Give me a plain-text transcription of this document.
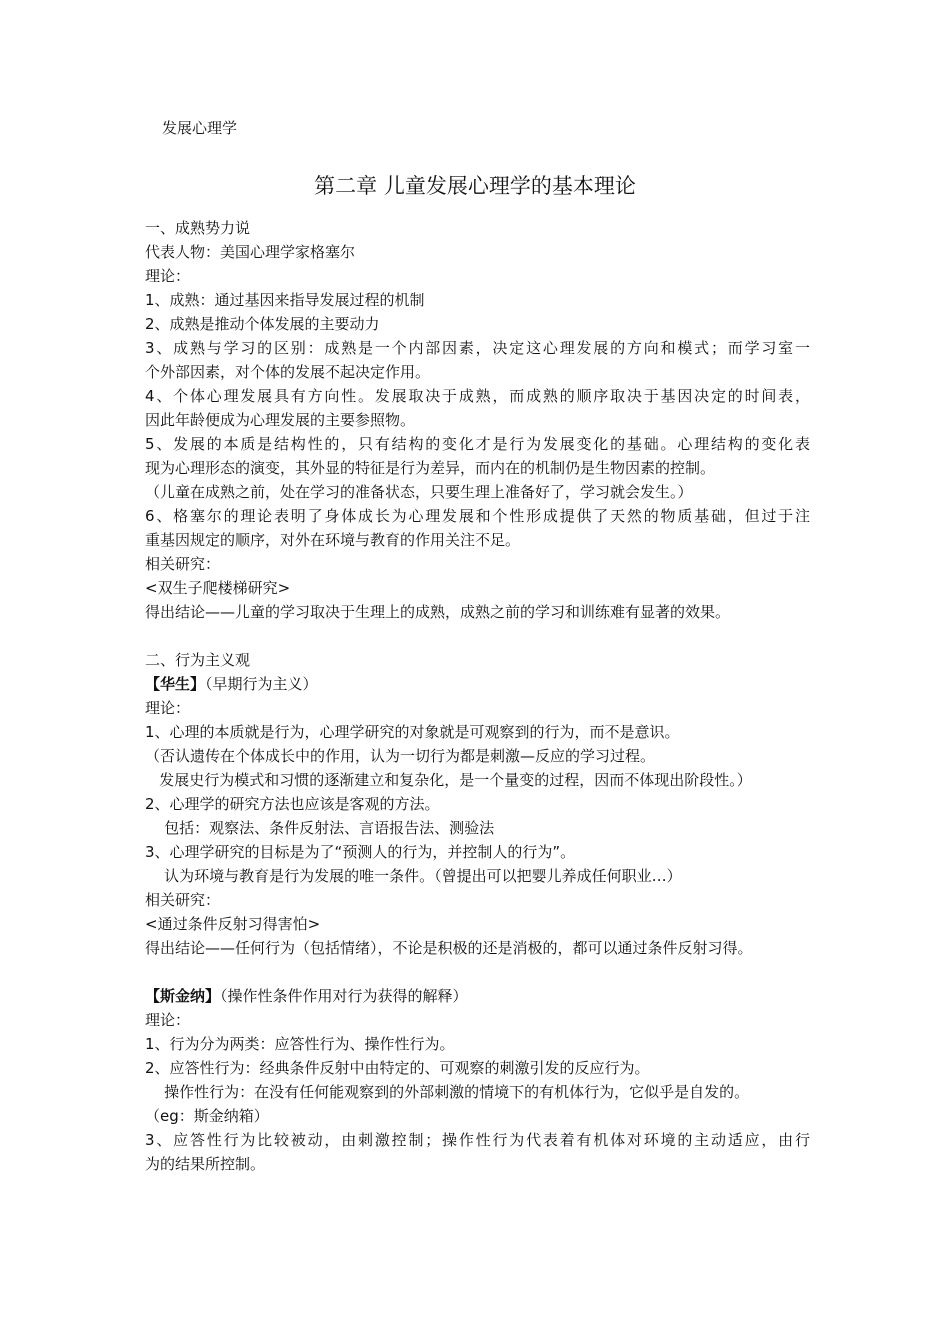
发展心理学
第二章 儿童发展心理学的基本理论
一、成熟势力说
代表人物：美国心理学家格塞尔
理论：
1、成熟：通过基因来指导发展过程的机制
2、成熟是推动个体发展的主要动力
3、成熟与学习的区别：成熟是一个内部因素，决定这心理发展的方向和模式；而学习室一
个外部因素，对个体的发展不起决定作用。
4、个体心理发展具有方向性。发展取决于成熟，而成熟的顺序取决于基因决定的时间表，
因此年龄便成为心理发展的主要参照物。
5、发展的本质是结构性的，只有结构的变化才是行为发展变化的基础。心理结构的变化表
现为心理形态的演变，其外显的特征是行为差异，而内在的机制仍是生物因素的控制。
（儿童在成熟之前，处在学习的准备状态，只要生理上准备好了，学习就会发生。）
6、格塞尔的理论表明了身体成长为心理发展和个性形成提供了天然的物质基础，但过于注
重基因规定的顺序，对外在环境与教育的作用关注不足。
相关研究：
<双生子爬楼梯研究>
得出结论——儿童的学习取决于生理上的成熟，成熟之前的学习和训练难有显著的效果。
二、行为主义观
【华生】（早期行为主义）
理论：
1、心理的本质就是行为，心理学研究的对象就是可观察到的行为，而不是意识。
（否认遗传在个体成长中的作用，认为一切行为都是刺激—反应的学习过程。
发展史行为模式和习惯的逐渐建立和复杂化，是一个量变的过程，因而不体现出阶段性。）
2、心理学的研究方法也应该是客观的方法。
包括：观察法、条件反射法、言语报告法、测验法
3、心理学研究的目标是为了“预测人的行为，并控制人的行为”。
认为环境与教育是行为发展的唯一条件。（曾提出可以把婴儿养成任何职业…）
相关研究：
<通过条件反射习得害怕>
得出结论——任何行为（包括情绪），不论是积极的还是消极的，都可以通过条件反射习得。
【斯金纳】（操作性条件作用对行为获得的解释）
理论：
1、行为分为两类：应答性行为、操作性行为。
2、应答性行为：经典条件反射中由特定的、可观察的刺激引发的反应行为。
操作性行为：在没有任何能观察到的外部刺激的情境下的有机体行为，它似乎是自发的。
（eg：斯金纳箱）
3、应答性行为比较被动，由刺激控制；操作性行为代表着有机体对环境的主动适应，由行
为的结果所控制。
